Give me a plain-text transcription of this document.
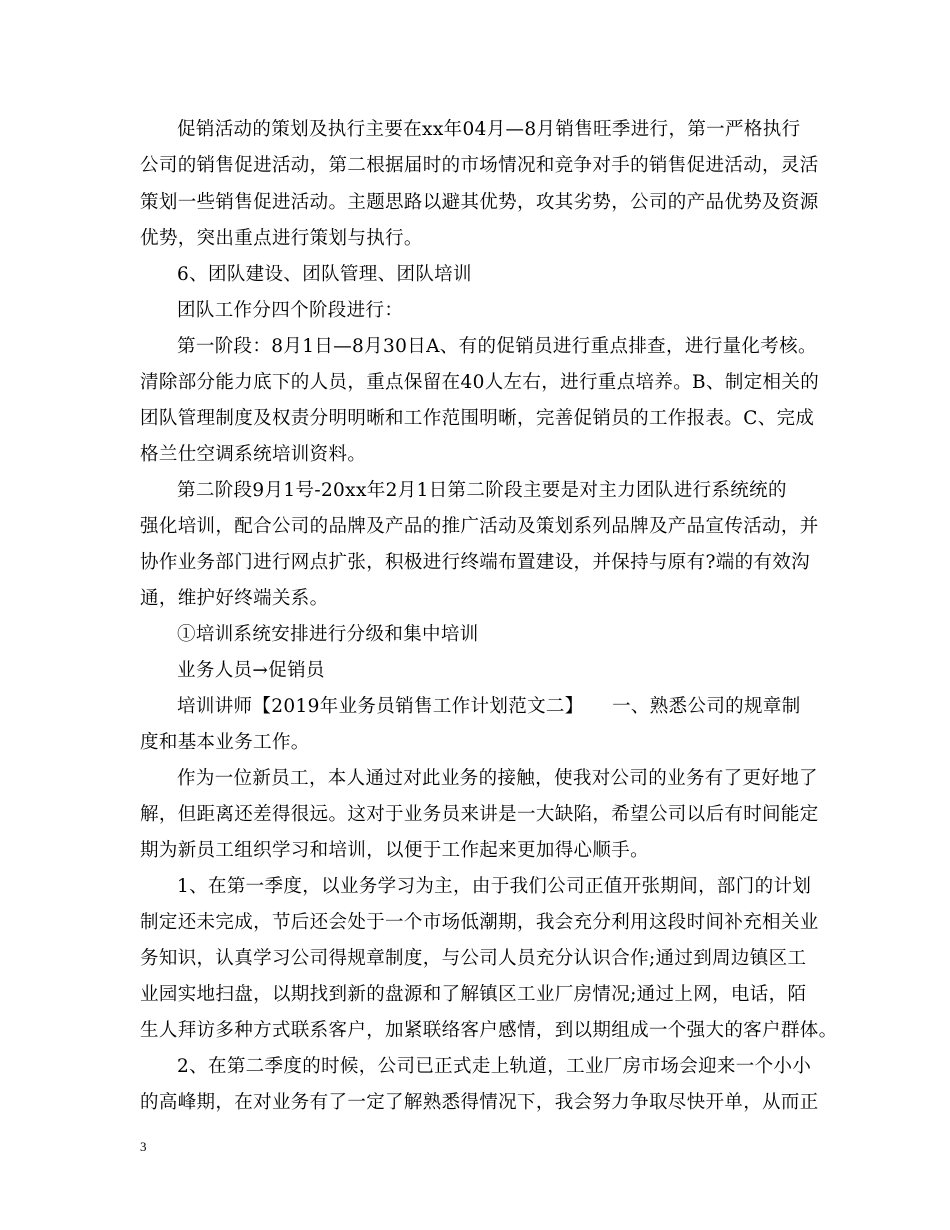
促销活动的策划及执行主要在xx年04月—8月销售旺季进行，第一严格执行
公司的销售促进活动，第二根据届时的市场情况和竞争对手的销售促进活动，灵活
策划一些销售促进活动。主题思路以避其优势，攻其劣势，公司的产品优势及资源
优势，突出重点进行策划与执行。
6、团队建设、团队管理、团队培训
团队工作分四个阶段进行：
第一阶段：8月1日—8月30日A、有的促销员进行重点排查，进行量化考核。
清除部分能力底下的人员，重点保留在40人左右，进行重点培养。B、制定相关的
团队管理制度及权责分明明晰和工作范围明晰，完善促销员的工作报表。C、完成
格兰仕空调系统培训资料。
第二阶段9月1号-20xx年2月1日第二阶段主要是对主力团队进行系统统的
强化培训，配合公司的品牌及产品的推广活动及策划系列品牌及产品宣传活动，并
协作业务部门进行网点扩张，积极进行终端布置建设，并保持与原有?端的有效沟
通，维护好终端关系。
①培训系统安排进行分级和集中培训
业务人员→促销员
培训讲师【2019年业务员销售工作计划范文二】　　一、熟悉公司的规章制
度和基本业务工作。
作为一位新员工，本人通过对此业务的接触，使我对公司的业务有了更好地了
解，但距离还差得很远。这对于业务员来讲是一大缺陷，希望公司以后有时间能定
期为新员工组织学习和培训，以便于工作起来更加得心顺手。
1、在第一季度，以业务学习为主，由于我们公司正值开张期间，部门的计划
制定还未完成，节后还会处于一个市场低潮期，我会充分利用这段时间补充相关业
务知识，认真学习公司得规章制度，与公司人员充分认识合作;通过到周边镇区工
业园实地扫盘，以期找到新的盘源和了解镇区工业厂房情况;通过上网，电话，陌
生人拜访多种方式联系客户，加紧联络客户感情，到以期组成一个强大的客户群体。
2、在第二季度的时候，公司已正式走上轨道，工业厂房市场会迎来一个小小
的高峰期，在对业务有了一定了解熟悉得情况下，我会努力争取尽快开单，从而正
3
